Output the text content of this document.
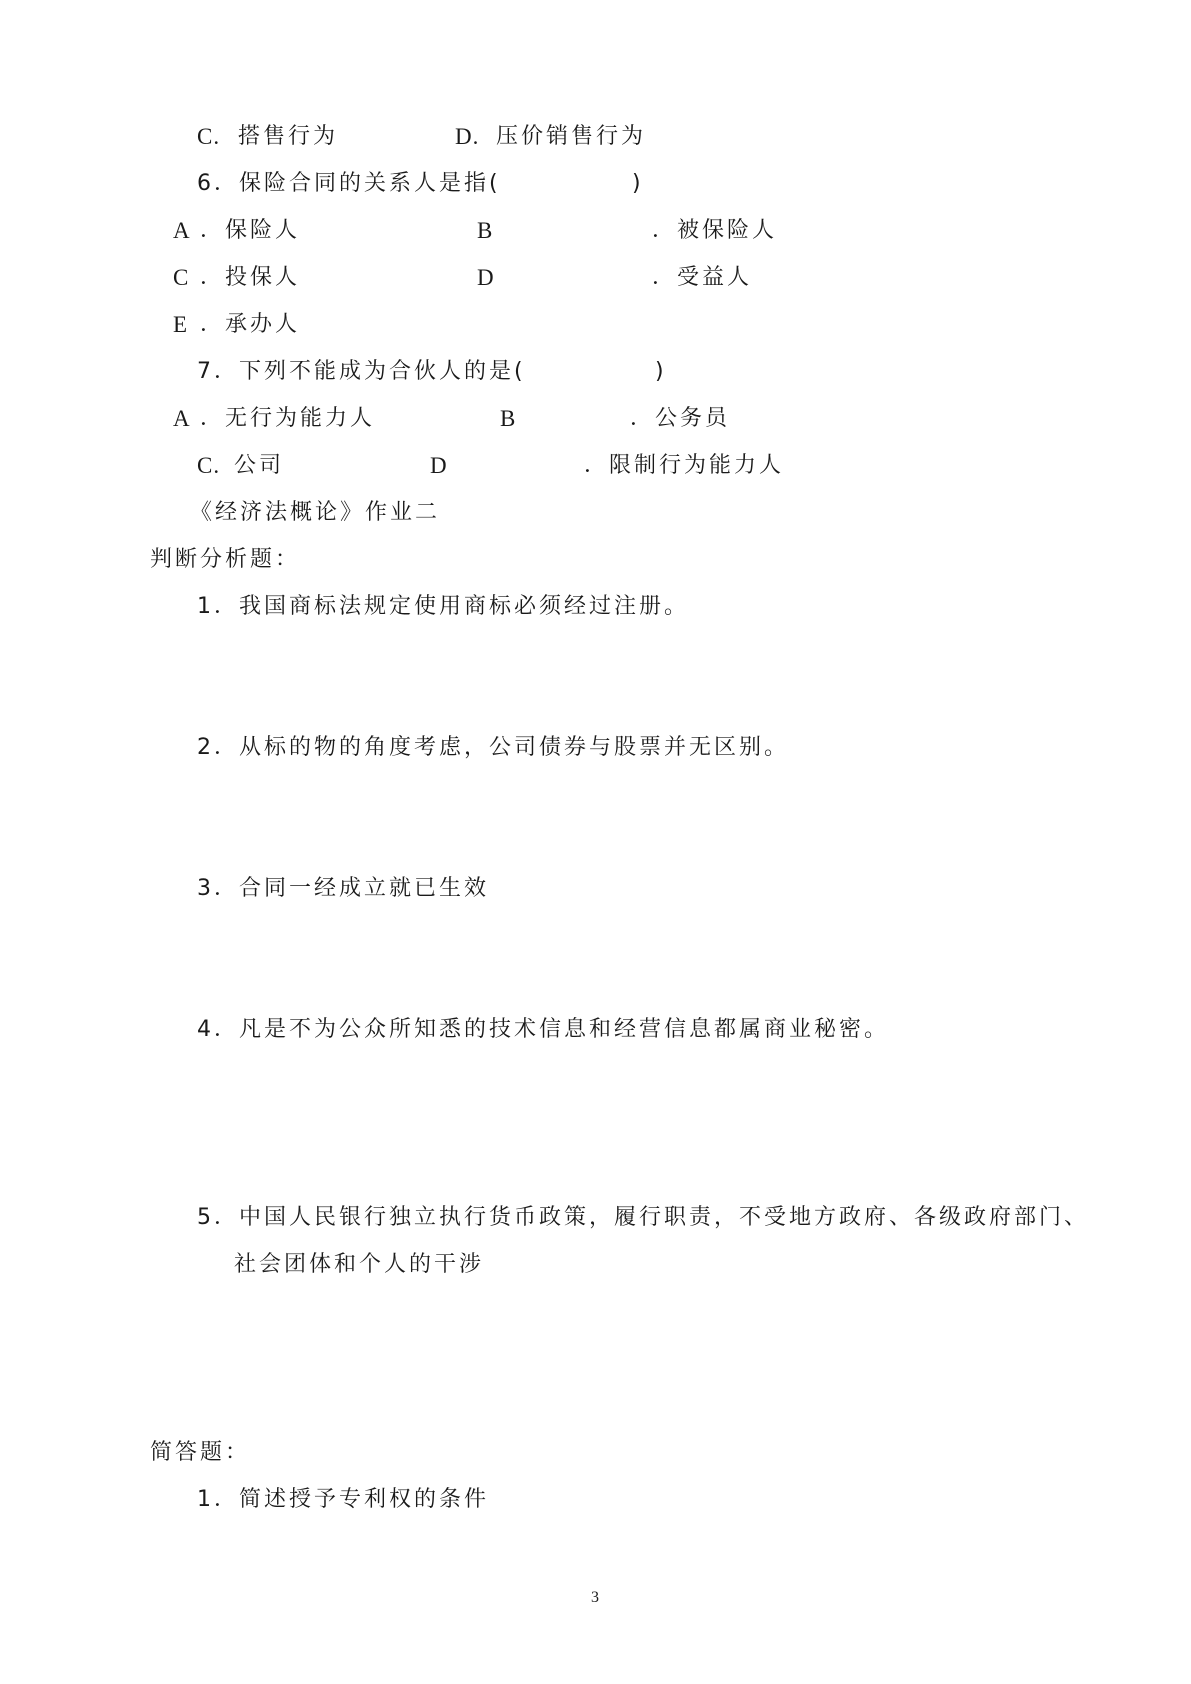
C. 搭售行为	D. 压价销售行为
6．保险合同的关系人是指(	)
A ．保险人	B	．被保险人
C ．投保人	D	．受益人
E ．承办人
7．下列不能成为合伙人的是(	)
A ．无行为能力人	B	．公务员
C. 公司	D	．限制行为能力人
《经济法概论》作业二
判断分析题：
1．我国商标法规定使用商标必须经过注册。
2．从标的物的角度考虑，公司债券与股票并无区别。
3．合同一经成立就已生效
4．凡是不为公众所知悉的技术信息和经营信息都属商业秘密。
5．中国人民银行独立执行货币政策，履行职责，不受地方政府、各级政府部门、
社会团体和个人的干涉
简答题：
1．简述授予专利权的条件
3
